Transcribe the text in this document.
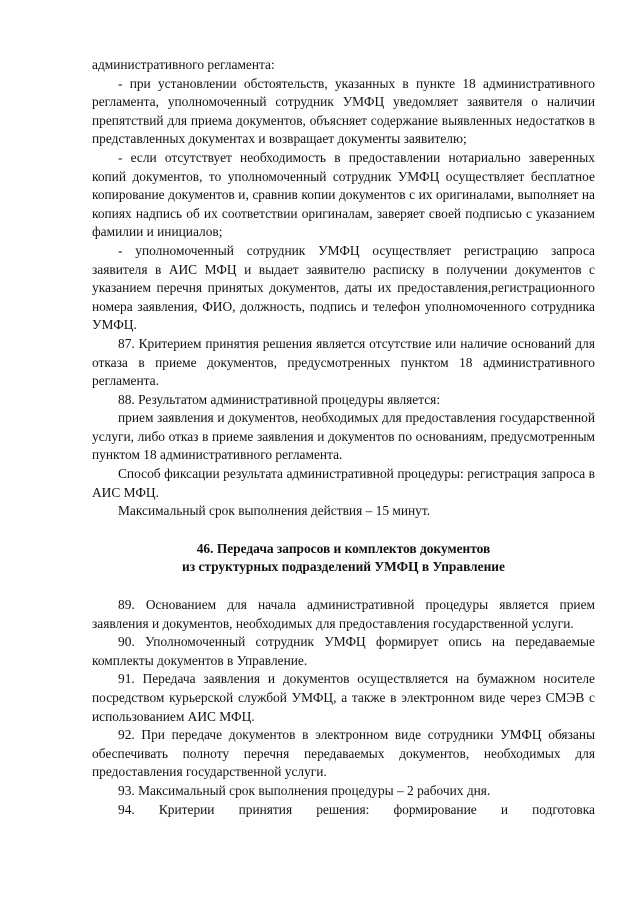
административного регламента:

- при установлении обстоятельств, указанных в пункте 18 административного регламента, уполномоченный сотрудник УМФЦ уведомляет заявителя о наличии препятствий для приема документов, объясняет содержание выявленных недостатков в представленных документах и возвращает документы заявителю;

- если отсутствует необходимость в предоставлении нотариально заверенных копий документов, то уполномоченный сотрудник УМФЦ осуществляет бесплатное копирование документов и, сравнив копии документов с их оригиналами, выполняет на копиях надпись об их соответствии оригиналам, заверяет своей подписью с указанием фамилии и инициалов;

- уполномоченный сотрудник УМФЦ осуществляет регистрацию запроса заявителя в АИС МФЦ и выдает заявителю расписку в получении документов с указанием перечня принятых документов, даты их предоставления,регистрационного номера заявления, ФИО, должность, подпись и телефон уполномоченного сотрудника УМФЦ.

87. Критерием принятия решения является отсутствие или наличие оснований для отказа в приеме документов, предусмотренных пунктом 18 административного регламента.

88. Результатом административной процедуры является:

прием заявления и документов, необходимых для предоставления государственной услуги, либо отказ в приеме заявления и документов по основаниям, предусмотренным пунктом 18 административного регламента.

Способ фиксации результата административной процедуры: регистрация запроса в АИС МФЦ.

Максимальный срок выполнения действия – 15 минут.

46. Передача запросов и комплектов документов
из структурных подразделений УМФЦ в Управление

89. Основанием для начала административной процедуры является прием заявления и документов, необходимых для предоставления государственной услуги.

90. Уполномоченный сотрудник УМФЦ формирует опись на передаваемые комплекты документов в Управление.

91. Передача заявления и документов осуществляется на бумажном носителе посредством курьерской службой УМФЦ, а также в электронном виде через СМЭВ с использованием АИС МФЦ.

92. При передаче документов в электронном виде сотрудники УМФЦ обязаны обеспечивать полноту перечня передаваемых документов, необходимых для предоставления государственной услуги.

93. Максимальный срок выполнения процедуры – 2 рабочих дня.

94. Критерии принятия решения: формирование и подготовка
